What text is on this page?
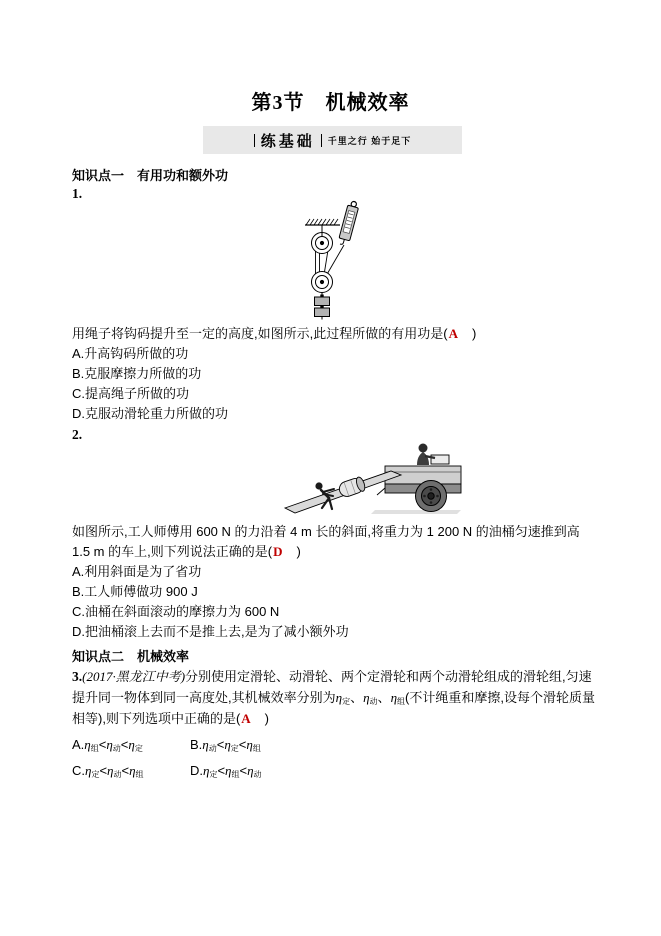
第3节　机械效率
练基础 千里之行 始于足下
知识点一　有用功和额外功
1.
用绳子将钩码提升至一定的高度,如图所示,此过程所做的有用功是(A　)
A.升高钩码所做的功
B.克服摩擦力所做的功
C.提高绳子所做的功
D.克服动滑轮重力所做的功
2.
如图所示,工人师傅用 600 N 的力沿着 4 m 长的斜面,将重力为 1 200 N 的油桶匀速推到高 1.5 m 的车上,则下列说法正确的是(D　)
A.利用斜面是为了省功
B.工人师傅做功 900 J
C.油桶在斜面滚动的摩擦力为 600 N
D.把油桶滚上去而不是推上去,是为了减小额外功
知识点二　机械效率
3.(2017·黑龙江中考)分别使用定滑轮、动滑轮、两个定滑轮和两个动滑轮组成的滑轮组,匀速提升同一物体到同一高度处,其机械效率分别为$\eta_定$、$\eta_动$、$\eta_组$(不计绳重和摩擦,设每个滑轮质量相等),则下列选项中正确的是(A　)
$A.\eta_组<\eta_动<\eta_定$	$B.\eta_动<\eta_定<\eta_组$
$C.\eta_定<\eta_动<\eta_组$	$D.\eta_定<\eta_组<\eta_动$
